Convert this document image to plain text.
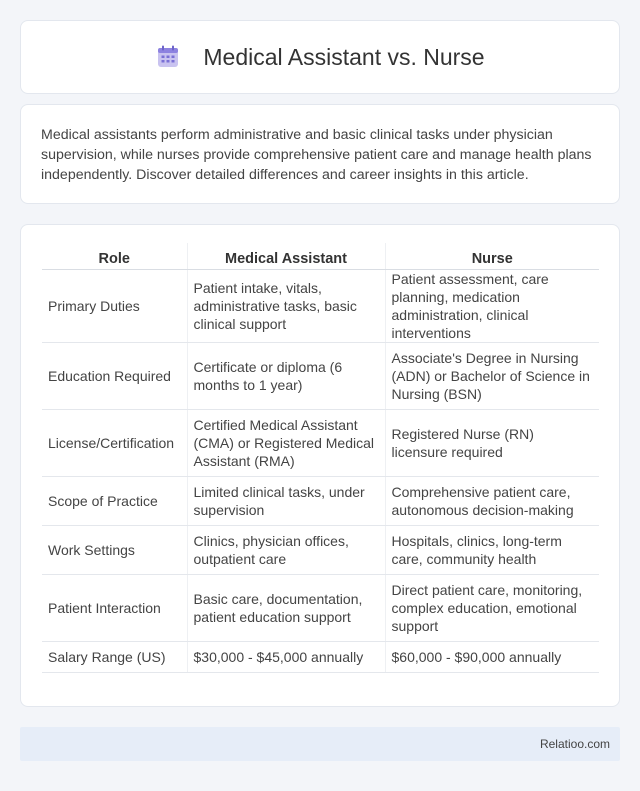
Medical Assistant vs. Nurse

Medical assistants perform administrative and basic clinical tasks under physician supervision, while nurses provide comprehensive patient care and manage health plans independently. Discover detailed differences and career insights in this article.

Role	Medical Assistant	Nurse
Primary Duties	Patient intake, vitals, administrative tasks, basic clinical support	Patient assessment, care planning, medication administration, clinical interventions
Education Required	Certificate or diploma (6 months to 1 year)	Associate's Degree in Nursing (ADN) or Bachelor of Science in Nursing (BSN)
License/Certification	Certified Medical Assistant (CMA) or Registered Medical Assistant (RMA)	Registered Nurse (RN) licensure required
Scope of Practice	Limited clinical tasks, under supervision	Comprehensive patient care, autonomous decision-making
Work Settings	Clinics, physician offices, outpatient care	Hospitals, clinics, long-term care, community health
Patient Interaction	Basic care, documentation, patient education support	Direct patient care, monitoring, complex education, emotional support
Salary Range (US)	$30,000 - $45,000 annually	$60,000 - $90,000 annually
Relatioo.com
